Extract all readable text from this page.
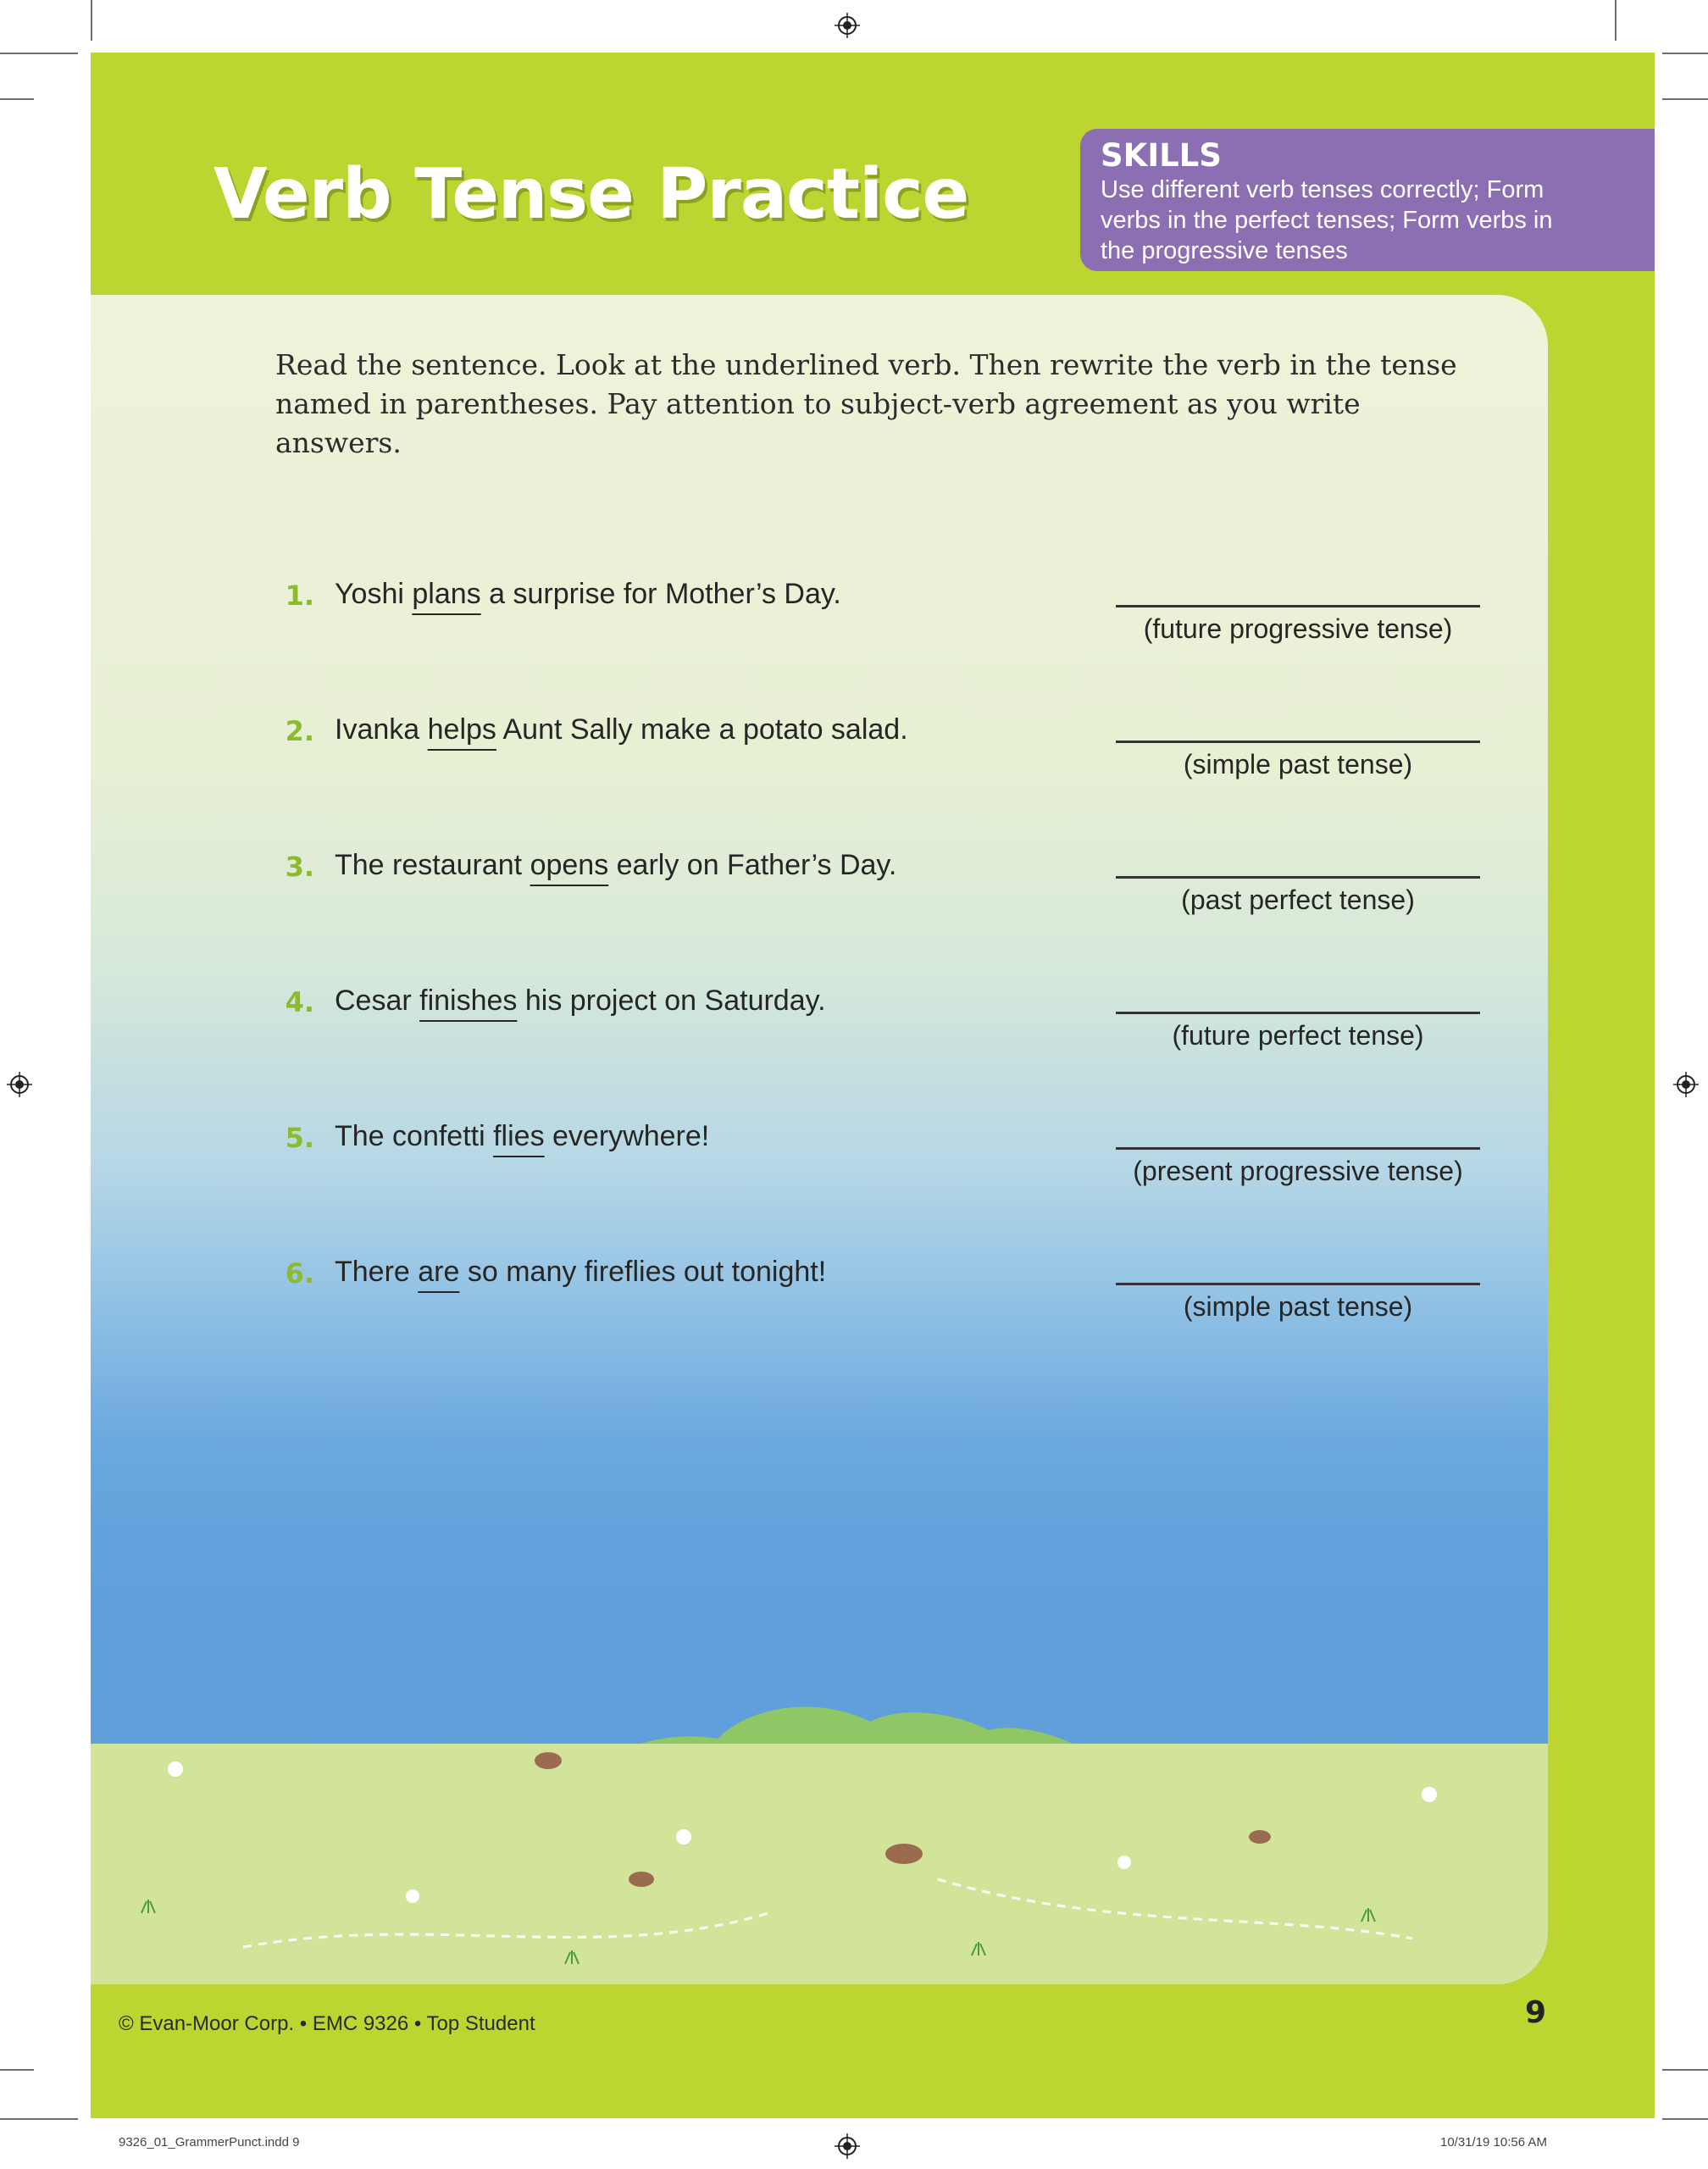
Verb Tense Practice	SKILLS
Use different verb tenses correctly; Form verbs in the perfect tenses; Form verbs in the progressive tenses

Read the sentence. Look at the underlined verb. Then rewrite the verb in the tense named in parentheses. Pay attention to subject-verb agreement as you write answers.

1. Yoshi plans a surprise for Mother’s Day.
(future progressive tense)
2. Ivanka helps Aunt Sally make a potato salad.
(simple past tense)
3. The restaurant opens early on Father’s Day.
(past perfect tense)
4. Cesar finishes his project on Saturday.
(future perfect tense)
5. The confetti flies everywhere!
(present progressive tense)
6. There are so many fireflies out tonight!
(simple past tense)
© Evan-Moor Corp. • EMC 9326 • Top Student	9
9326_01_GrammerPunct.indd 9	10/31/19 10:56 AM
